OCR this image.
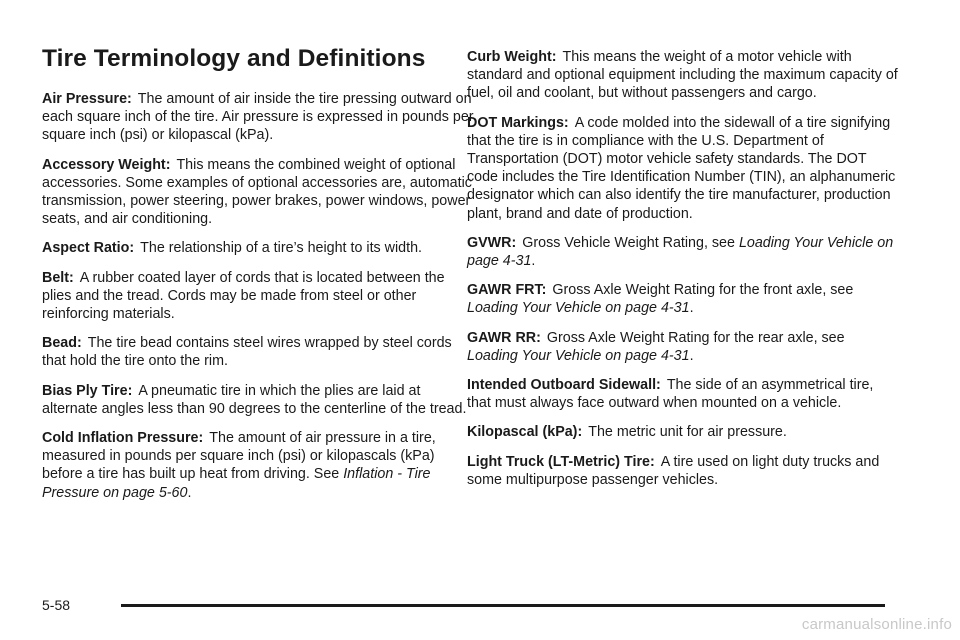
Tire Terminology and Definitions

Air Pressure: The amount of air inside the tire pressing outward on each square inch of the tire. Air pressure is expressed in pounds per square inch (psi) or kilopascal (kPa).

Accessory Weight: This means the combined weight of optional accessories. Some examples of optional accessories are, automatic transmission, power steering, power brakes, power windows, power seats, and air conditioning.

Aspect Ratio: The relationship of a tire’s height to its width.

Belt: A rubber coated layer of cords that is located between the plies and the tread. Cords may be made from steel or other reinforcing materials.

Bead: The tire bead contains steel wires wrapped by steel cords that hold the tire onto the rim.

Bias Ply Tire: A pneumatic tire in which the plies are laid at alternate angles less than 90 degrees to the centerline of the tread.

Cold Inflation Pressure: The amount of air pressure in a tire, measured in pounds per square inch (psi) or kilopascals (kPa) before a tire has built up heat from driving. See Inflation - Tire Pressure on page 5-60.

Curb Weight: This means the weight of a motor vehicle with standard and optional equipment including the maximum capacity of fuel, oil and coolant, but without passengers and cargo.

DOT Markings: A code molded into the sidewall of a tire signifying that the tire is in compliance with the U.S. Department of Transportation (DOT) motor vehicle safety standards. The DOT code includes the Tire Identification Number (TIN), an alphanumeric designator which can also identify the tire manufacturer, production plant, brand and date of production.

GVWR: Gross Vehicle Weight Rating, see Loading Your Vehicle on page 4-31.

GAWR FRT: Gross Axle Weight Rating for the front axle, see Loading Your Vehicle on page 4-31.

GAWR RR: Gross Axle Weight Rating for the rear axle, see Loading Your Vehicle on page 4-31.

Intended Outboard Sidewall: The side of an asymmetrical tire, that must always face outward when mounted on a vehicle.

Kilopascal (kPa): The metric unit for air pressure.

Light Truck (LT-Metric) Tire: A tire used on light duty trucks and some multipurpose passenger vehicles.

5-58
carmanualsonline.info
